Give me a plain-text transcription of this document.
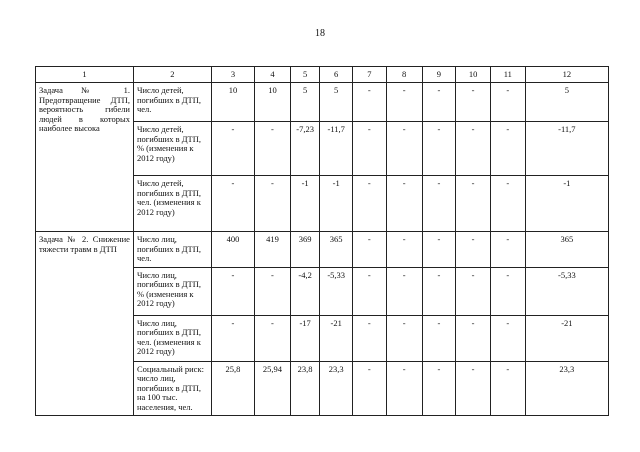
18
1	2	3	4	5	6	7	8	9	10	11	12
Задача № 1. Предотвращение ДТП, вероятность гибели людей в которых наиболее высока	Число детей, погибших в ДТП, чел.	10	10	5	5	-	-	-	-	-	5
	Число детей, погибших в ДТП, % (изменения к 2012 году)	-	-	-7,23	-11,7	-	-	-	-	-	-11,7
	Число детей, погибших в ДТП, чел. (изменения к 2012 году)	-	-	-1	-1	-	-	-	-	-	-1
Задача № 2. Снижение тяжести травм в ДТП	Число лиц, погибших в ДТП, чел.	400	419	369	365	-	-	-	-	-	365
	Число лиц, погибших в ДТП, % (изменения к 2012 году)	-	-	-4,2	-5,33	-	-	-	-	-	-5,33
	Число лиц, погибших в ДТП, чел. (изменения к 2012 году)	-	-	-17	-21	-	-	-	-	-	-21
	Социальный риск: число лиц, погибших в ДТП, на 100 тыс. населения, чел.	25,8	25,94	23,8	23,3	-	-	-	-	-	23,3
